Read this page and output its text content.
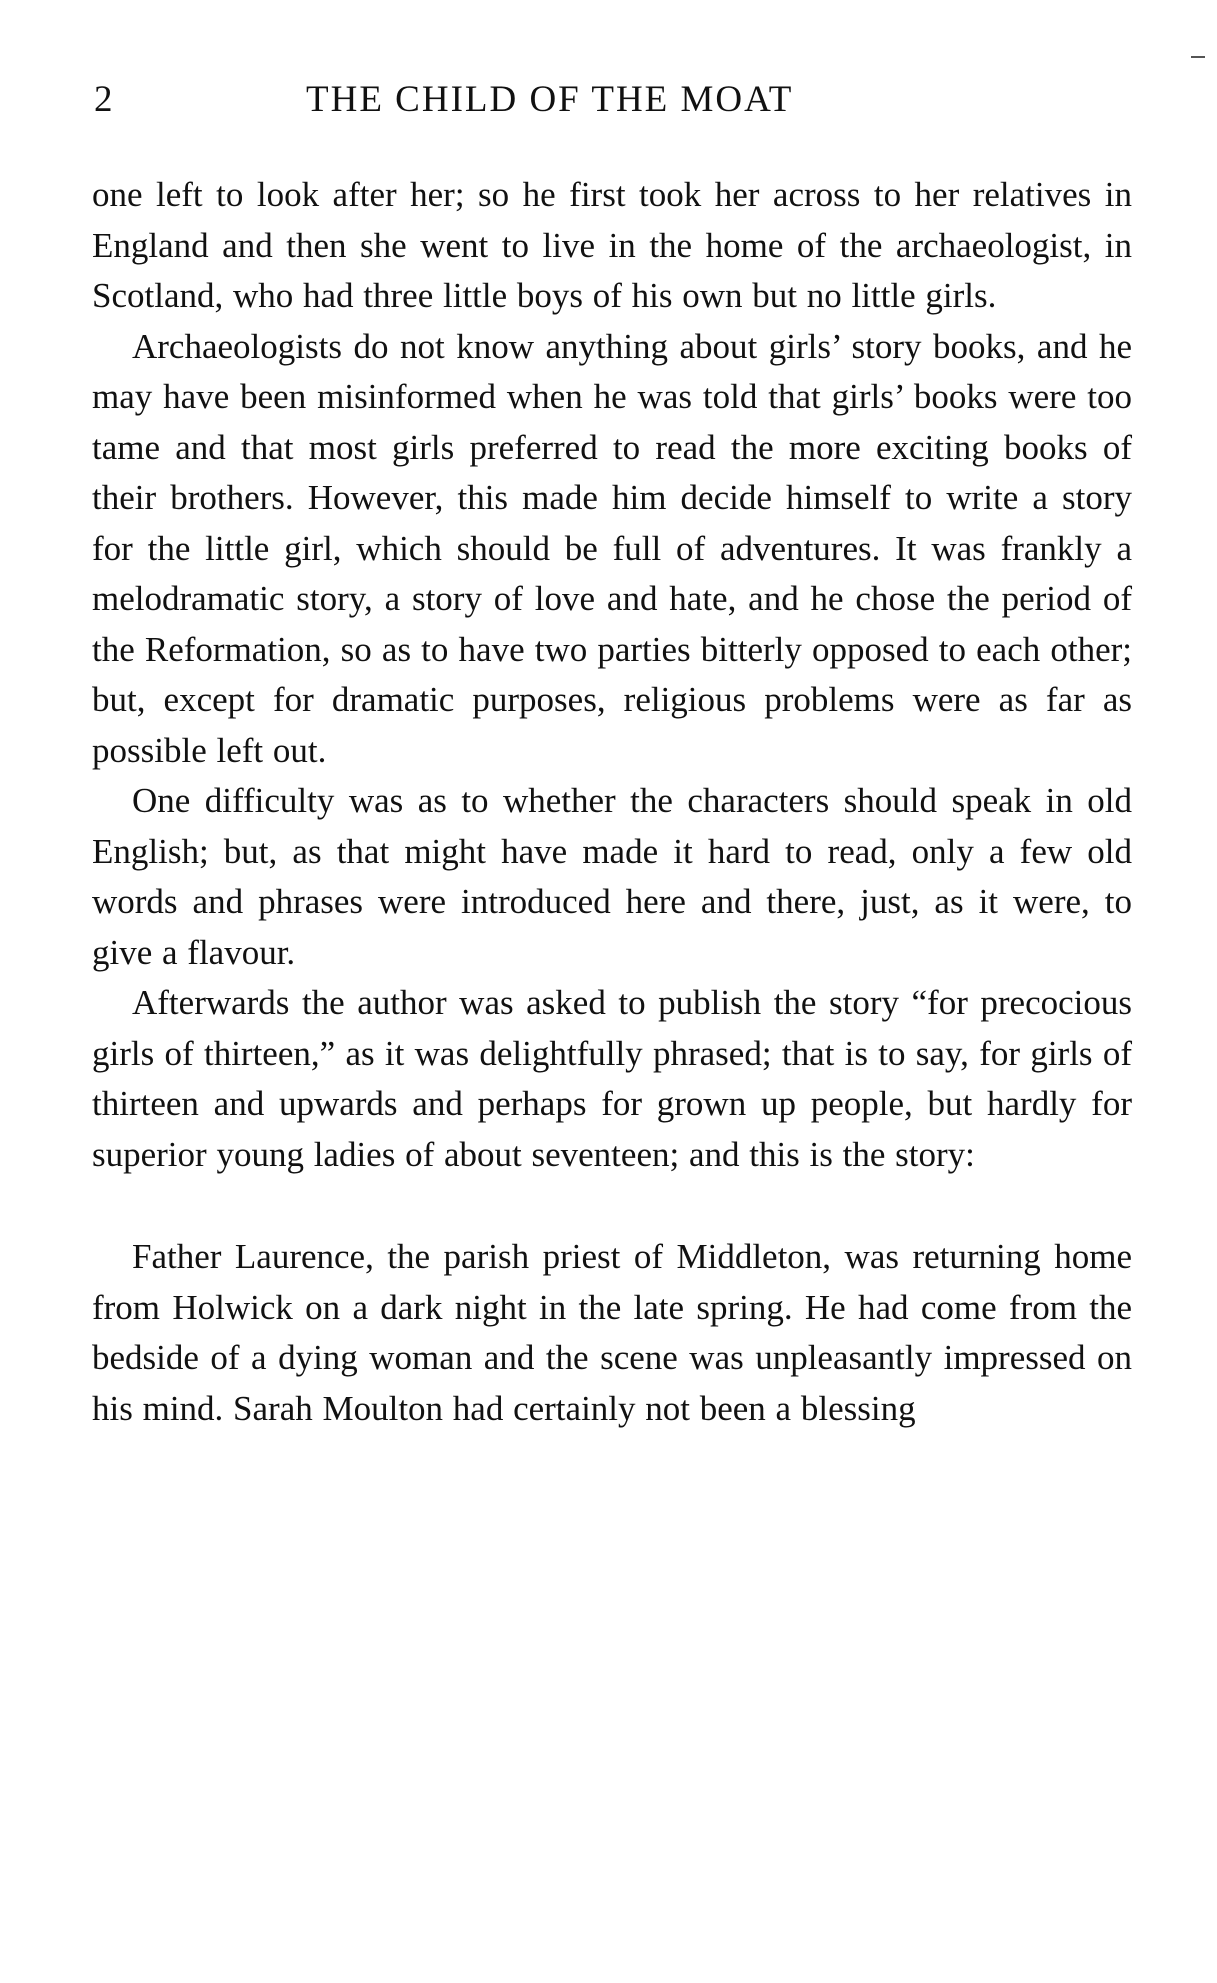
2	THE CHILD OF THE MOAT

one left to look after her; so he first took her across to her relatives in England and then she went to live in the home of the archaeologist, in Scotland, who had three little boys of his own but no little girls.

Archaeologists do not know anything about girls’ story books, and he may have been misinformed when he was told that girls’ books were too tame and that most girls preferred to read the more exciting books of their brothers. However, this made him decide himself to write a story for the little girl, which should be full of adventures. It was frankly a melodramatic story, a story of love and hate, and he chose the period of the Reformation, so as to have two parties bitterly opposed to each other; but, except for dramatic purposes, religious problems were as far as possible left out.

One difficulty was as to whether the characters should speak in old English; but, as that might have made it hard to read, only a few old words and phrases were introduced here and there, just, as it were, to give a flavour.

Afterwards the author was asked to publish the story “for precocious girls of thirteen,” as it was delightfully phrased; that is to say, for girls of thirteen and upwards and perhaps for grown up people, but hardly for superior young ladies of about seventeen; and this is the story:

Father Laurence, the parish priest of Middleton, was returning home from Holwick on a dark night in the late spring. He had come from the bedside of a dying woman and the scene was unpleasantly impressed on his mind. Sarah Moulton had certainly not been a blessing
